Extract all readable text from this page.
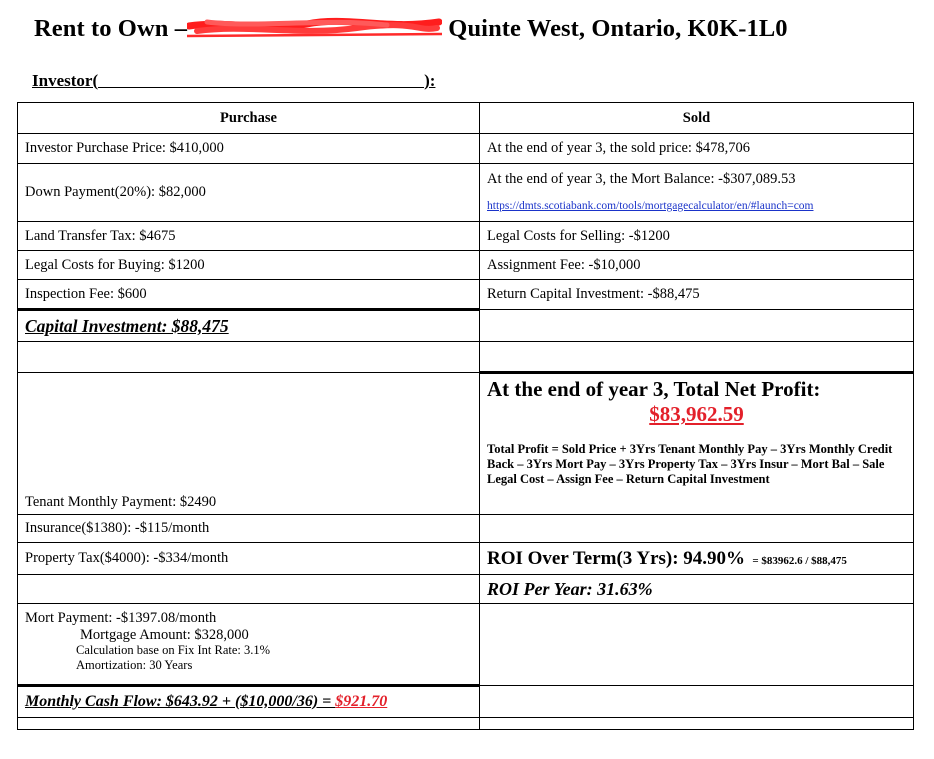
Rent to Own –	Quinte West, Ontario, K0K-1L0
Investor(	):
Purchase	Sold
Investor Purchase Price: $410,000	At the end of year 3, the sold price: $478,706
Down Payment(20%): $82,000	At the end of year 3, the Mort Balance: -$307,089.53
https://dmts.scotiabank.com/tools/mortgagecalculator/en/#launch=com

Land Transfer Tax: $4675	Legal Costs for Selling: -$1200
Legal Costs for Buying: $1200	Assignment Fee: -$10,000
Inspection Fee: $600	Return Capital Investment: -$88,475
Capital Investment: $88,475	

Tenant Monthly Payment: $2490	At the end of year 3, Total Net Profit:
$83,962.59
Total Profit = Sold Price + 3Yrs Tenant Monthly Pay – 3Yrs Monthly Credit Back – 3Yrs Mort Pay – 3Yrs Property Tax – 3Yrs Insur – Mort Bal – Sale Legal Cost – Assign Fee – Return Capital Investment

Insurance($1380): -$115/month	
Property Tax($4000): -$334/month	ROI Over Term(3 Yrs): 94.90% = $83962.6 / $88,475
	ROI Per Year: 31.63%

Mort Payment: -$1397.08/month
Mortgage Amount: $328,000
Calculation base on Fix Int Rate: 3.1%
Amortization: 30 Years	

Monthly Cash Flow: $643.92 + ($10,000/36) = $921.70	
